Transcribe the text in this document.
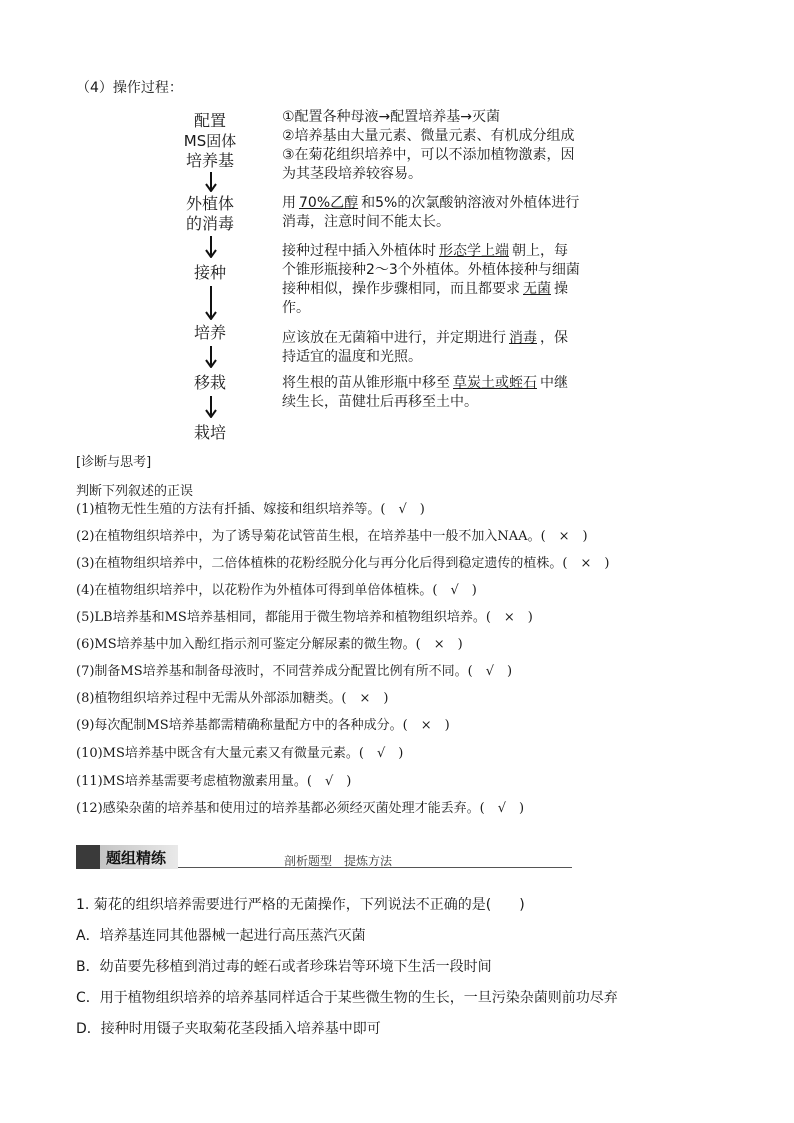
（4）操作过程：
配置
MS固体
培养基
外植体
的消毒
接种
培养
移栽
栽培
①配置各种母液→配置培养基→灭菌
②培养基由大量元素、微量元素、有机成分组成
③在菊花组织培养中，可以不添加植物激素，因
为其茎段培养较容易。
用 70%乙醇 和5%的次氯酸钠溶液对外植体进行
消毒，注意时间不能太长。
接种过程中插入外植体时 形态学上端 朝上，每
个锥形瓶接种2～3个外植体。外植体接种与细菌
接种相似，操作步骤相同，而且都要求 无菌 操
作。
应该放在无菌箱中进行，并定期进行 消毒 ，保
持适宜的温度和光照。
将生根的苗从锥形瓶中移至 草炭土或蛭石 中继
续生长，苗健壮后再移至土中。
[诊断与思考]
判断下列叙述的正误
(1)植物无性生殖的方法有扦插、嫁接和组织培养等。(　√　)
(2)在植物组织培养中，为了诱导菊花试管苗生根，在培养基中一般不加入NAA。(　×　)
(3)在植物组织培养中，二倍体植株的花粉经脱分化与再分化后得到稳定遗传的植株。(　×　)
(4)在植物组织培养中，以花粉作为外植体可得到单倍体植株。(　√　)
(5)LB培养基和MS培养基相同，都能用于微生物培养和植物组织培养。(　×　)
(6)MS培养基中加入酚红指示剂可鉴定分解尿素的微生物。(　×　)
(7)制备MS培养基和制备母液时，不同营养成分配置比例有所不同。(　√　)
(8)植物组织培养过程中无需从外部添加糖类。(　×　)
(9)每次配制MS培养基都需精确称量配方中的各种成分。(　×　)
(10)MS培养基中既含有大量元素又有微量元素。(　√　)
(11)MS培养基需要考虑植物激素用量。(　√　)
(12)感染杂菌的培养基和使用过的培养基都必须经灭菌处理才能丢弃。(　√　)
题组精练	剖析题型　提炼方法
1. 菊花的组织培养需要进行严格的无菌操作，下列说法不正确的是(　　)
A．培养基连同其他器械一起进行高压蒸汽灭菌
B．幼苗要先移植到消过毒的蛭石或者珍珠岩等环境下生活一段时间
C．用于植物组织培养的培养基同样适合于某些微生物的生长，一旦污染杂菌则前功尽弃
D．接种时用镊子夹取菊花茎段插入培养基中即可
